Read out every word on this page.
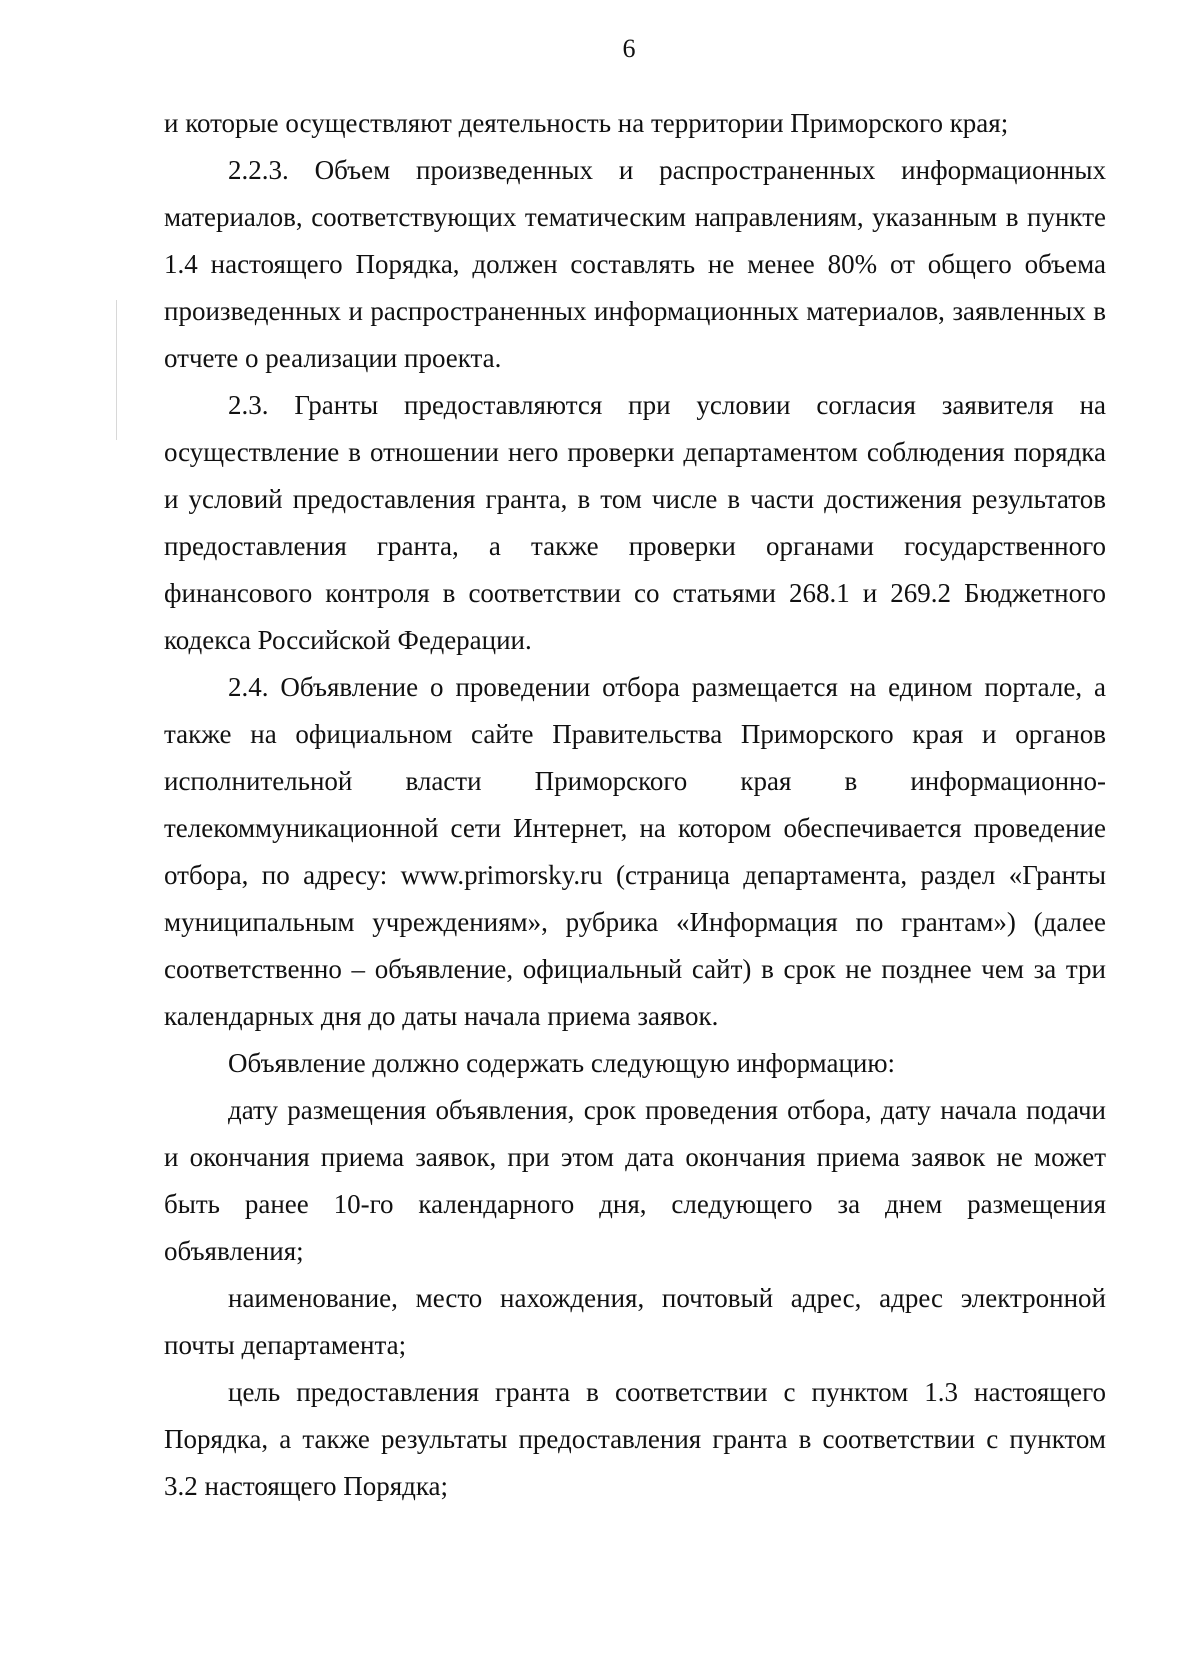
6

и которые осуществляют деятельность на территории Приморского края;

2.2.3. Объем произведенных и распространенных информационных материалов, соответствующих тематическим направлениям, указанным в пункте 1.4 настоящего Порядка, должен составлять не менее 80% от общего объема произведенных и распространенных информационных материалов, заявленных в отчете о реализации проекта.

2.3. Гранты предоставляются при условии согласия заявителя на осуществление в отношении него проверки департаментом соблюдения порядка и условий предоставления гранта, в том числе в части достижения результатов предоставления гранта, а также проверки органами государственного финансового контроля в соответствии со статьями 268.1 и 269.2 Бюджетного кодекса Российской Федерации.

2.4. Объявление о проведении отбора размещается на едином портале, а также на официальном сайте Правительства Приморского края и органов исполнительной власти Приморского края в информационно-телекоммуникационной сети Интернет, на котором обеспечивается проведение отбора, по адресу: www.primorsky.ru (страница департамента, раздел «Гранты муниципальным учреждениям», рубрика «Информация по грантам») (далее соответственно – объявление, официальный сайт) в срок не позднее чем за три календарных дня до даты начала приема заявок.

Объявление должно содержать следующую информацию:

дату размещения объявления, срок проведения отбора, дату начала подачи и окончания приема заявок, при этом дата окончания приема заявок не может быть ранее 10-го календарного дня, следующего за днем размещения объявления;

наименование, место нахождения, почтовый адрес, адрес электронной почты департамента;

цель предоставления гранта в соответствии с пунктом 1.3 настоящего Порядка, а также результаты предоставления гранта в соответствии с пунктом 3.2 настоящего Порядка;
